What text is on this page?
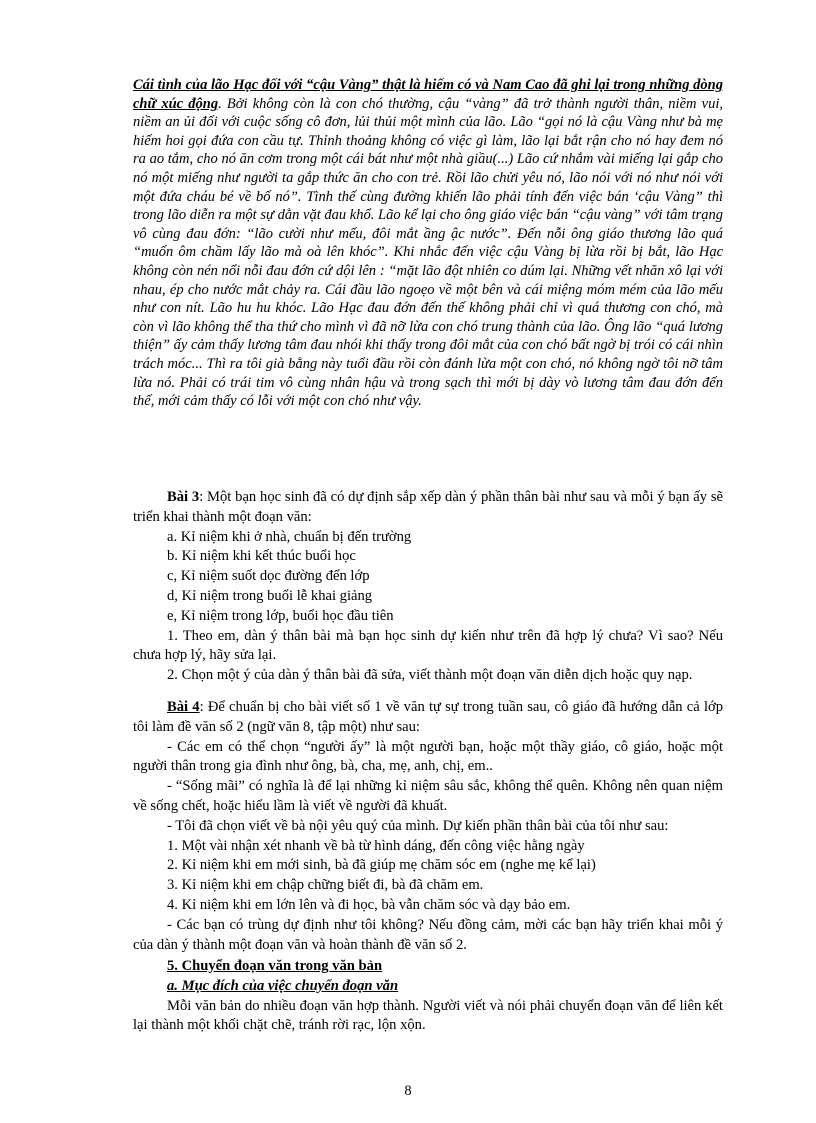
Cái tình của lão Hạc đối với “cậu Vàng” thật là hiếm có và Nam Cao đã ghi lại trong những dòng chữ xúc động. Bởi không còn là con chó thường, cậu “vàng” đã trở thành người thân, niềm vui, niềm an ủi đối với cuộc sống cô đơn, lủi thủi một mình của lão. Lão “gọi nó là cậu Vàng như bà mẹ hiếm hoi gọi đứa con cầu tự. Thỉnh thoảng không có việc gì làm, lão lại bắt rận cho nó hay đem nó ra ao tắm, cho nó ăn cơm trong một cái bát như một nhà giầu(...) Lão cứ nhắm vài miếng lại gắp cho nó một miếng như người ta gắp thức ăn cho con trẻ. Rồi lão chửi yêu nó, lão nói với nó như nói với một đứa cháu bé về bố nó”. Tình thế cùng đường khiến lão phải tính đến việc bán ‘cậu Vàng” thì trong lão diễn ra một sự dằn vặt đau khổ. Lão kể lại cho ông giáo việc bán “cậu vàng” với tâm trạng vô cùng đau đớn: “lão cười như mếu, đôi mắt ầng ậc nước”. Đến nỗi ông giáo thương lão quá “muốn ôm chầm lấy lão mà oà lên khóc”. Khi nhắc đến việc cậu Vàng bị lừa rồi bị bắt, lão Hạc không còn nén nổi nỗi đau đớn cứ dội lên : “mặt lão đột nhiên co dúm lại. Những vết nhăn xô lại với nhau, ép cho nước mắt chảy ra. Cái đầu lão ngoẹo về một bên và cái miệng móm mém của lão mếu như con nít. Lão hu hu khóc. Lão Hạc đau đớn đến thế không phải chỉ vì quá thương con chó, mà còn vì lão không thể tha thứ cho mình vì đã nỡ lừa con chó trung thành của lão. Ông lão “quá lương thiện” ấy cảm thấy lương tâm đau nhói khi thấy trong đôi mắt của con chó bất ngờ bị trói có cái nhìn trách móc... Thì ra tôi già bằng này tuổi đầu rồi còn đánh lừa một con chó, nó không ngờ tôi nỡ tâm lừa nó. Phải có trái tim vô cùng nhân hậu và trong sạch thì mới bị dày vò lương tâm đau đớn đến thế, mới cảm thấy có lỗi với một con chó như vậy.

Bài 3: Một bạn học sinh đã có dự định sắp xếp dàn ý phần thân bài như sau và mỗi ý bạn ấy sẽ triển khai thành một đoạn văn:

a. Kỉ niệm khi ở nhà, chuẩn bị đến trường

b. Kỉ niệm khi kết thúc buổi học

c, Kỉ niệm suốt dọc đường đến lớp

d, Kỉ niệm trong buổi lễ khai giảng

e, Kỉ niệm trong lớp, buổi học đầu tiên

1. Theo em, dàn ý thân bài mà bạn học sinh dự kiến như trên đã hợp lý chưa? Vì sao? Nếu chưa hợp lý, hãy sửa lại.

2. Chọn một ý của dàn ý thân bài đã sửa, viết thành một đoạn văn diễn dịch hoặc quy nạp.

Bài 4: Để chuẩn bị cho bài viết số 1 về văn tự sự trong tuần sau, cô giáo đã hướng dẫn cả lớp tôi làm đề văn số 2 (ngữ văn 8, tập một) như sau:

- Các em có thể chọn “người ấy” là một người bạn, hoặc một thầy giáo, cô giáo, hoặc một người thân trong gia đình như ông, bà, cha, mẹ, anh, chị, em..

- “Sống mãi” có nghĩa là để lại những kỉ niệm sâu sắc, không thể quên. Không nên quan niệm về sống chết, hoặc hiểu lầm là viết về người đã khuất.

- Tôi đã chọn viết về bà nội yêu quý của mình. Dự kiến phần thân bài của tôi như sau:

1. Một vài nhận xét nhanh về bà từ hình dáng, đến công việc hằng ngày

2. Kỉ niệm khi em mới sinh, bà đã giúp mẹ chăm sóc em (nghe mẹ kể lại)

3. Kỉ niệm khi em chập chững biết đi, bà đã chăm em.

4. Kỉ niệm khi em lớn lên và đi học, bà vẫn chăm sóc và dạy bảo em.

- Các bạn có trùng dự định như tôi không? Nếu đồng cảm, mời các bạn hãy triển khai mỗi ý của dàn ý thành một đoạn văn và hoàn thành đề văn số 2.

5. Chuyển đoạn văn trong văn bản

a. Mục đích của việc chuyển đoạn văn

Mỗi văn bản do nhiều đoạn văn hợp thành. Người viết và nói phải chuyển đoạn văn để liên kết lại thành một khối chặt chẽ, tránh rời rạc, lộn xộn.

8
